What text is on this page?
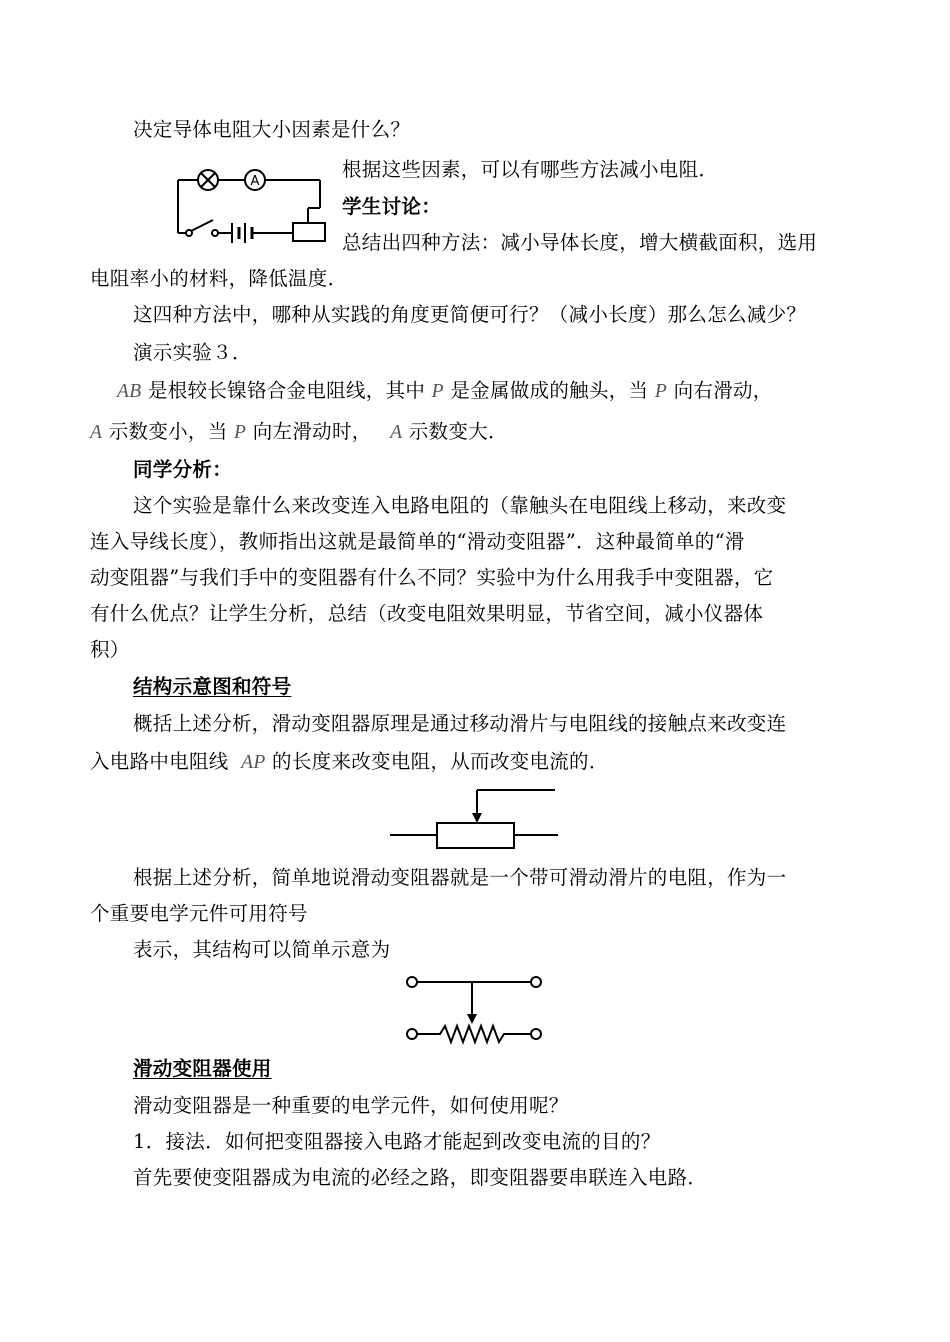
A
决定导体电阻大小因素是什么？
根据这些因素，可以有哪些方法减小电阻．
学生讨论：
总结出四种方法：减小导体长度，增大横截面积，选用
电阻率小的材料，降低温度．
这四种方法中，哪种从实践的角度更简便可行？（减小长度）那么怎么减少？
演示实验３．
AB 是根较长镍铬合金电阻线，其中 P 是金属做成的触头，当 P 向右滑动，
A 示数变小，当 P 向左滑动时， A 示数变大．
同学分析：
这个实验是靠什么来改变连入电路电阻的（靠触头在电阻线上移动，来改变
连入导线长度），教师指出这就是最简单的“滑动变阻器”．这种最简单的“滑
动变阻器”与我们手中的变阻器有什么不同？实验中为什么用我手中变阻器，它
有什么优点？让学生分析，总结（改变电阻效果明显，节省空间，减小仪器体
积）
结构示意图和符号
概括上述分析，滑动变阻器原理是通过移动滑片与电阻线的接触点来改变连
入电路中电阻线 AP 的长度来改变电阻，从而改变电流的．
根据上述分析，简单地说滑动变阻器就是一个带可滑动滑片的电阻，作为一
个重要电学元件可用符号
表示，其结构可以简单示意为
滑动变阻器使用
滑动变阻器是一种重要的电学元件，如何使用呢？
1．接法．如何把变阻器接入电路才能起到改变电流的目的？
首先要使变阻器成为电流的必经之路，即变阻器要串联连入电路．
